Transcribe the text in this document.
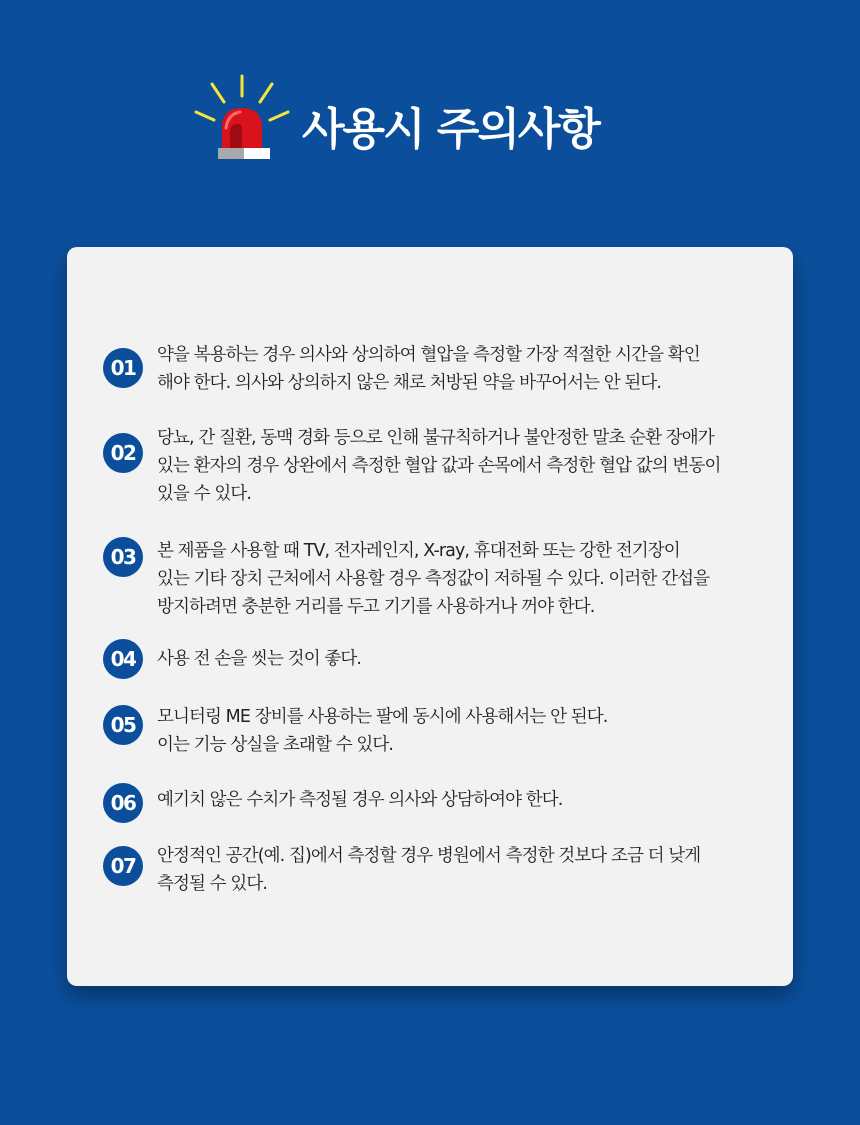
사용시 주의사항
01
약을 복용하는 경우 의사와 상의하여 혈압을 측정할 가장 적절한 시간을 확인
해야 한다. 의사와 상의하지 않은 채로 처방된 약을 바꾸어서는 안 된다.
02
당뇨, 간 질환, 동맥 경화 등으로 인해 불규칙하거나 불안정한 말초 순환 장애가
있는 환자의 경우 상완에서 측정한 혈압 값과 손목에서 측정한 혈압 값의 변동이
있을 수 있다.
03	본 제품을 사용할 때 TV, 전자레인지, X-ray, 휴대전화 또는 강한 전기장이
있는 기타 장치 근처에서 사용할 경우 측정값이 저하될 수 있다. 이러한 간섭을
방지하려면 충분한 거리를 두고 기기를 사용하거나 꺼야 한다.
04	사용 전 손을 씻는 것이 좋다.
05	모니터링 ME 장비를 사용하는 팔에 동시에 사용해서는 안 된다.
이는 기능 상실을 초래할 수 있다.
06	예기치 않은 수치가 측정될 경우 의사와 상담하여야 한다.
07	안정적인 공간(예. 집)에서 측정할 경우 병원에서 측정한 것보다 조금 더 낮게
측정될 수 있다.
